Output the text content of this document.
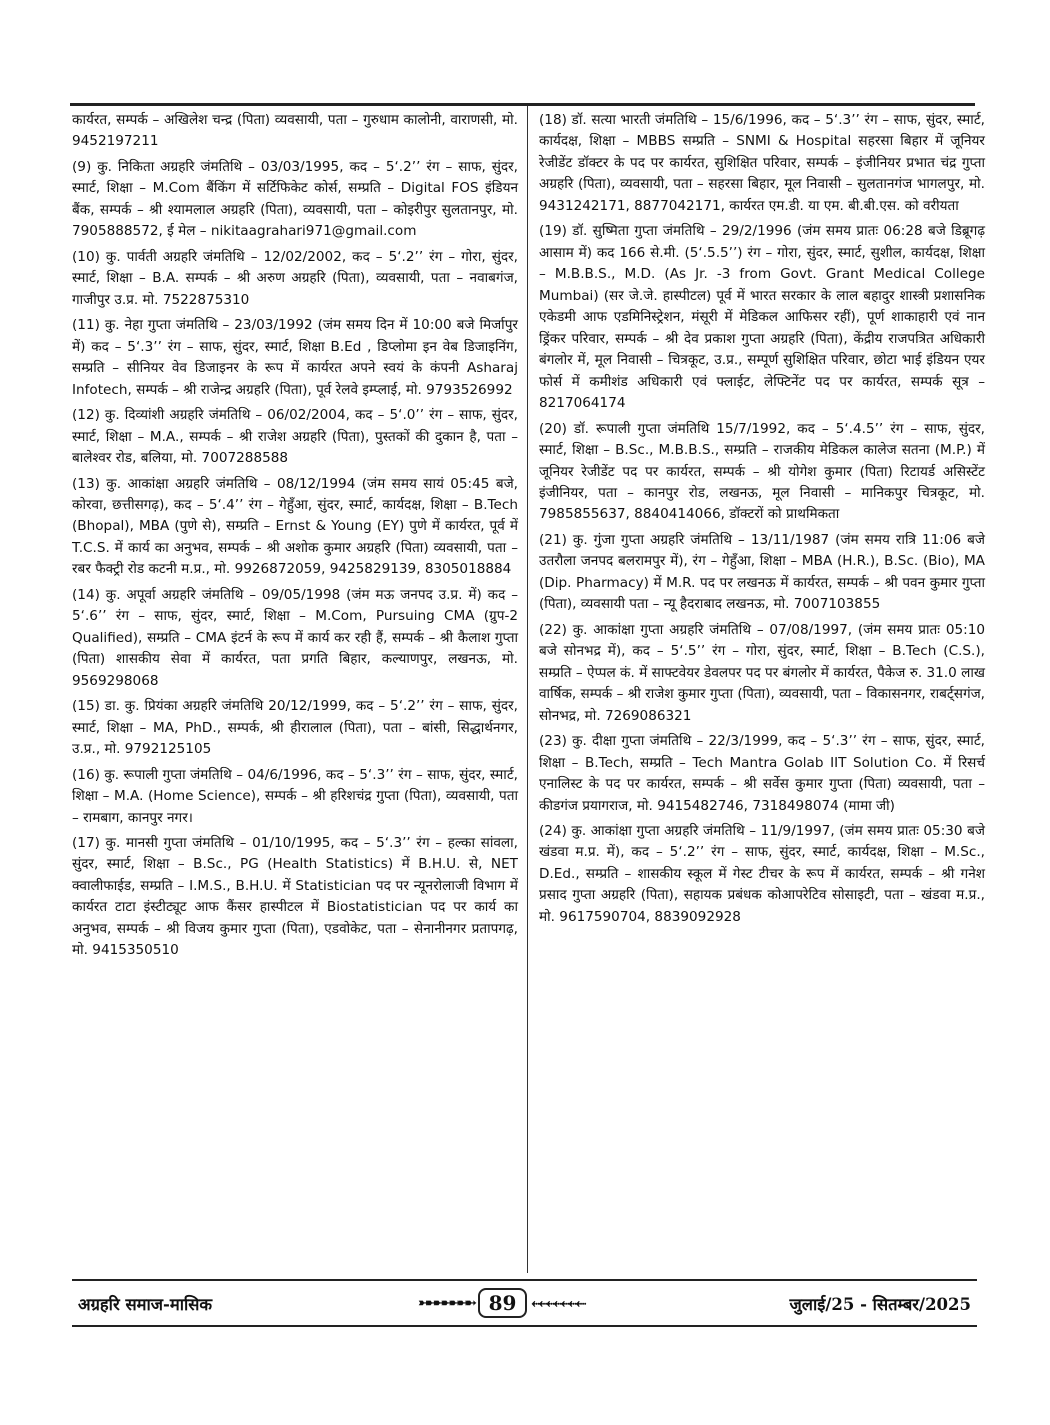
कार्यरत, सम्पर्क – अखिलेश चन्द्र (पिता) व्यवसायी, पता – गुरुधाम कालोनी, वाराणसी, मो. 9452197211

(9) कु. निकिता अग्रहरि जंमतिथि – 03/03/1995, कद – 5‘.2’’ रंग – साफ, सुंदर, स्मार्ट, शिक्षा – M.Com बैंकिंग में सर्टिफिकेट कोर्स, सम्प्रति – Digital FOS इंडियन बैंक, सम्पर्क – श्री श्यामलाल अग्रहरि (पिता), व्यवसायी, पता – कोइरीपुर सुलतानपुर, मो. 7905888572, ई मेल – nikitaagrahari971@gmail.com

(10) कु. पार्वती अग्रहरि जंमतिथि – 12/02/2002, कद – 5‘.2’’ रंग – गोरा, सुंदर, स्मार्ट, शिक्षा – B.A. सम्पर्क – श्री अरुण अग्रहरि (पिता), व्यवसायी, पता – नवाबगंज, गाजीपुर उ.प्र. मो. 7522875310

(11) कु. नेहा गुप्ता जंमतिथि – 23/03/1992 (जंम समय दिन में 10:00 बजे मिर्जापुर में) कद – 5‘.3’’ रंग – साफ, सुंदर, स्मार्ट, शिक्षा B.Ed , डिप्लोमा इन वेब डिजाइनिंग, सम्प्रति – सीनियर वेव डिजाइनर के रूप में कार्यरत अपने स्वयं के कंपनी Asharaj Infotech, सम्पर्क – श्री राजेन्द्र अग्रहरि (पिता), पूर्व रेलवे इम्प्लाई, मो. 9793526992

(12) कु. दिव्यांशी अग्रहरि जंमतिथि – 06/02/2004, कद – 5‘.0’’ रंग – साफ, सुंदर, स्मार्ट, शिक्षा – M.A., सम्पर्क – श्री राजेश अग्रहरि (पिता), पुस्तकों की दुकान है, पता – बालेश्वर रोड, बलिया, मो. 7007288588

(13) कु. आकांक्षा अग्रहरि जंमतिथि – 08/12/1994 (जंम समय सायं 05:45 बजे, कोरवा, छत्तीसगढ़), कद – 5‘.4’’ रंग – गेहुँआ, सुंदर, स्मार्ट, कार्यदक्ष, शिक्षा – B.Tech (Bhopal), MBA (पुणे से), सम्प्रति – Ernst & Young (EY) पुणे में कार्यरत, पूर्व में T.C.S. में कार्य का अनुभव, सम्पर्क – श्री अशोक कुमार अग्रहरि (पिता) व्यवसायी, पता – रबर फैक्ट्री रोड कटनी म.प्र., मो. 9926872059, 9425829139, 8305018884

(14) कु. अपूर्वा अग्रहरि जंमतिथि – 09/05/1998 (जंम मऊ जनपद उ.प्र. में) कद – 5‘.6’’ रंग – साफ, सुंदर, स्मार्ट, शिक्षा – M.Com, Pursuing CMA (ग्रुप-2 Qualified), सम्प्रति – CMA इंटर्न के रूप में कार्य कर रही हैं, सम्पर्क – श्री कैलाश गुप्ता (पिता) शासकीय सेवा में कार्यरत, पता प्रगति बिहार, कल्याणपुर, लखनऊ, मो. 9569298068

(15) डा. कु. प्रियंका अग्रहरि जंमतिथि 20/12/1999, कद – 5‘.2’’ रंग – साफ, सुंदर, स्मार्ट, शिक्षा – MA, PhD., सम्पर्क, श्री हीरालाल (पिता), पता – बांसी, सिद्धार्थनगर, उ.प्र., मो. 9792125105

(16) कु. रूपाली गुप्ता जंमतिथि – 04/6/1996, कद – 5‘.3’’ रंग – साफ, सुंदर, स्मार्ट, शिक्षा – M.A. (Home Science), सम्पर्क – श्री हरिशचंद्र गुप्ता (पिता), व्यवसायी, पता – रामबाग, कानपुर नगर।

(17) कु. मानसी गुप्ता जंमतिथि – 01/10/1995, कद – 5‘.3’’ रंग – हल्का सांवला, सुंदर, स्मार्ट, शिक्षा – B.Sc., PG (Health Statistics) में B.H.U. से, NET क्वालीफाईड, सम्प्रति – I.M.S., B.H.U. में Statistician पद पर न्यूनरोलाजी विभाग में कार्यरत टाटा इंस्टीट्यूट आफ कैंसर हास्पीटल में Biostatistician पद पर कार्य का अनुभव, सम्पर्क – श्री विजय कुमार गुप्ता (पिता), एडवोकेट, पता – सेनानीनगर प्रतापगढ़, मो. 9415350510

(18) डॉ. सत्या भारती जंमतिथि – 15/6/1996, कद – 5‘.3’’ रंग – साफ, सुंदर, स्मार्ट, कार्यदक्ष, शिक्षा – MBBS सम्प्रति – SNMI & Hospital सहरसा बिहार में जूनियर रेजीडेंट डॉक्टर के पद पर कार्यरत, सुशिक्षित परिवार, सम्पर्क – इंजीनियर प्रभात चंद्र गुप्ता अग्रहरि (पिता), व्यवसायी, पता – सहरसा बिहार, मूल निवासी – सुलतानगंज भागलपुर, मो. 9431242171, 8877042171, कार्यरत एम.डी. या एम. बी.बी.एस. को वरीयता

(19) डॉ. सुष्मिता गुप्ता जंमतिथि – 29/2/1996 (जंम समय प्रातः 06:28 बजे डिब्रूगढ़ आसाम में) कद 166 से.मी. (5‘.5.5’’) रंग – गोरा, सुंदर, स्मार्ट, सुशील, कार्यदक्ष, शिक्षा – M.B.B.S., M.D. (As Jr. -3 from Govt. Grant Medical College Mumbai) (सर जे.जे. हास्पीटल) पूर्व में भारत सरकार के लाल बहादुर शास्त्री प्रशासनिक एकेडमी आफ एडमिनिस्ट्रेशन, मंसूरी में मेडिकल आफिसर रहीं), पूर्ण शाकाहारी एवं नान ड्रिंकर परिवार, सम्पर्क – श्री देव प्रकाश गुप्ता अग्रहरि (पिता), केंद्रीय राजपत्रित अधिकारी बंगलोर में, मूल निवासी – चित्रकूट, उ.प्र., सम्पूर्ण सुशिक्षित परिवार, छोटा भाई इंडियन एयर फोर्स में कमीशंड अधिकारी एवं फ्लाईट, लेफ्टिनेंट पद पर कार्यरत, सम्पर्क सूत्र – 8217064174

(20) डॉ. रूपाली गुप्ता जंमतिथि 15/7/1992, कद – 5‘.4.5’’ रंग – साफ, सुंदर, स्मार्ट, शिक्षा – B.Sc., M.B.B.S., सम्प्रति – राजकीय मेडिकल कालेज सतना (M.P.) में जूनियर रेजीडेंट पद पर कार्यरत, सम्पर्क – श्री योगेश कुमार (पिता) रिटायर्ड असिस्टेंट इंजीनियर, पता – कानपुर रोड, लखनऊ, मूल निवासी – मानिकपुर चित्रकूट, मो. 7985855637, 8840414066, डॉक्टरों को प्राथमिकता

(21) कु. गुंजा गुप्ता अग्रहरि जंमतिथि – 13/11/1987 (जंम समय रात्रि 11:06 बजे उतरौला जनपद बलरामपुर में), रंग – गेहुँआ, शिक्षा – MBA (H.R.), B.Sc. (Bio), MA (Dip. Pharmacy) में M.R. पद पर लखनऊ में कार्यरत, सम्पर्क – श्री पवन कुमार गुप्ता (पिता), व्यवसायी पता – न्यू हैदराबाद लखनऊ, मो. 7007103855

(22) कु. आकांक्षा गुप्ता अग्रहरि जंमतिथि – 07/08/1997, (जंम समय प्रातः 05:10 बजे सोनभद्र में), कद – 5‘.5’’ रंग – गोरा, सुंदर, स्मार्ट, शिक्षा – B.Tech (C.S.), सम्प्रति – ऐप्पल कं. में साफ्टवेयर डेवलपर पद पर बंगलोर में कार्यरत, पैकेज रु. 31.0 लाख वार्षिक, सम्पर्क – श्री राजेश कुमार गुप्ता (पिता), व्यवसायी, पता – विकासनगर, राबर्ट्सगंज, सोनभद्र, मो. 7269086321

(23) कु. दीक्षा गुप्ता जंमतिथि – 22/3/1999, कद – 5‘.3’’ रंग – साफ, सुंदर, स्मार्ट, शिक्षा – B.Tech, सम्प्रति – Tech Mantra Golab IIT Solution Co. में रिसर्च एनालिस्ट के पद पर कार्यरत, सम्पर्क – श्री सर्वेस कुमार गुप्ता (पिता) व्यवसायी, पता – कीडगंज प्रयागराज, मो. 9415482746, 7318498074 (मामा जी)

(24) कु. आकांक्षा गुप्ता अग्रहरि जंमतिथि – 11/9/1997, (जंम समय प्रातः 05:30 बजे खंडवा म.प्र. में), कद – 5‘.2’’ रंग – साफ, सुंदर, स्मार्ट, कार्यदक्ष, शिक्षा – M.Sc., D.Ed., सम्प्रति – शासकीय स्कूल में गेस्ट टीचर के रूप में कार्यरत, सम्पर्क – श्री गनेश प्रसाद गुप्ता अग्रहरि (पिता), सहायक प्रबंधक कोआपरेटिव सोसाइटी, पता – खंडवा म.प्र., मो. 9617590704, 8839092928

अग्रहरि समाज-मासिक	➳➳➳➳➳➳➳ 89	⬸⬸⬸⬸⬸⬸⬸	जुलाई/25 - सितम्बर/2025
